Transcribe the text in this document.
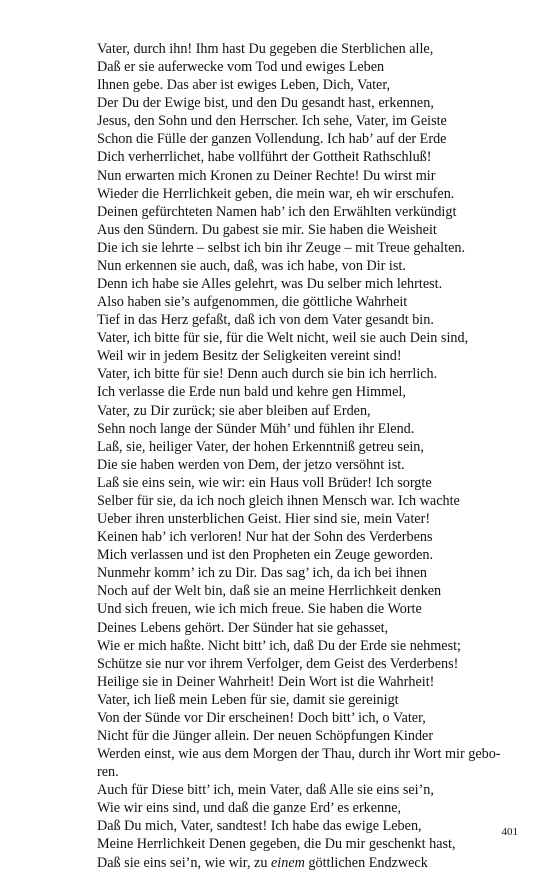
Vater, durch ihn! Ihm hast Du gegeben die Sterblichen alle,
Daß er sie auferwecke vom Tod und ewiges Leben
Ihnen gebe. Das aber ist ewiges Leben, Dich, Vater,
Der Du der Ewige bist, und den Du gesandt hast, erkennen,
Jesus, den Sohn und den Herrscher. Ich sehe, Vater, im Geiste
Schon die Fülle der ganzen Vollendung. Ich hab’ auf der Erde
Dich verherrlichet, habe vollführt der Gottheit Rathschluß!
Nun erwarten mich Kronen zu Deiner Rechte! Du wirst mir
Wieder die Herrlichkeit geben, die mein war, eh wir erschufen.
Deinen gefürchteten Namen hab’ ich den Erwählten verkündigt
Aus den Sündern. Du gabest sie mir. Sie haben die Weisheit
Die ich sie lehrte – selbst ich bin ihr Zeuge – mit Treue gehalten.
Nun erkennen sie auch, daß, was ich habe, von Dir ist.
Denn ich habe sie Alles gelehrt, was Du selber mich lehrtest.
Also haben sie’s aufgenommen, die göttliche Wahrheit
Tief in das Herz gefaßt, daß ich von dem Vater gesandt bin.
Vater, ich bitte für sie, für die Welt nicht, weil sie auch Dein sind,
Weil wir in jedem Besitz der Seligkeiten vereint sind!
Vater, ich bitte für sie! Denn auch durch sie bin ich herrlich.
Ich verlasse die Erde nun bald und kehre gen Himmel,
Vater, zu Dir zurück; sie aber bleiben auf Erden,
Sehn noch lange der Sünder Müh’ und fühlen ihr Elend.
Laß, sie, heiliger Vater, der hohen Erkenntniß getreu sein,
Die sie haben werden von Dem, der jetzo versöhnt ist.
Laß sie eins sein, wie wir: ein Haus voll Brüder! Ich sorgte
Selber für sie, da ich noch gleich ihnen Mensch war. Ich wachte
Ueber ihren unsterblichen Geist. Hier sind sie, mein Vater!
Keinen hab’ ich verloren! Nur hat der Sohn des Verderbens
Mich verlassen und ist den Propheten ein Zeuge geworden.
Nunmehr komm’ ich zu Dir. Das sag’ ich, da ich bei ihnen
Noch auf der Welt bin, daß sie an meine Herrlichkeit denken
Und sich freuen, wie ich mich freue. Sie haben die Worte
Deines Lebens gehört. Der Sünder hat sie gehasset,
Wie er mich haßte. Nicht bitt’ ich, daß Du der Erde sie nehmest;
Schütze sie nur vor ihrem Verfolger, dem Geist des Verderbens!
Heilige sie in Deiner Wahrheit! Dein Wort ist die Wahrheit!
Vater, ich ließ mein Leben für sie, damit sie gereinigt
Von der Sünde vor Dir erscheinen! Doch bitt’ ich, o Vater,
Nicht für die Jünger allein. Der neuen Schöpfungen Kinder
Werden einst, wie aus dem Morgen der Thau, durch ihr Wort mir gebo-
ren.
Auch für Diese bitt’ ich, mein Vater, daß Alle sie eins sei’n,
Wie wir eins sind, und daß die ganze Erd’ es erkenne,
Daß Du mich, Vater, sandtest! Ich habe das ewige Leben,
Meine Herrlichkeit Denen gegeben, die Du mir geschenkt hast,
Daß sie eins sei’n, wie wir, zu einem göttlichen Endzweck
401
